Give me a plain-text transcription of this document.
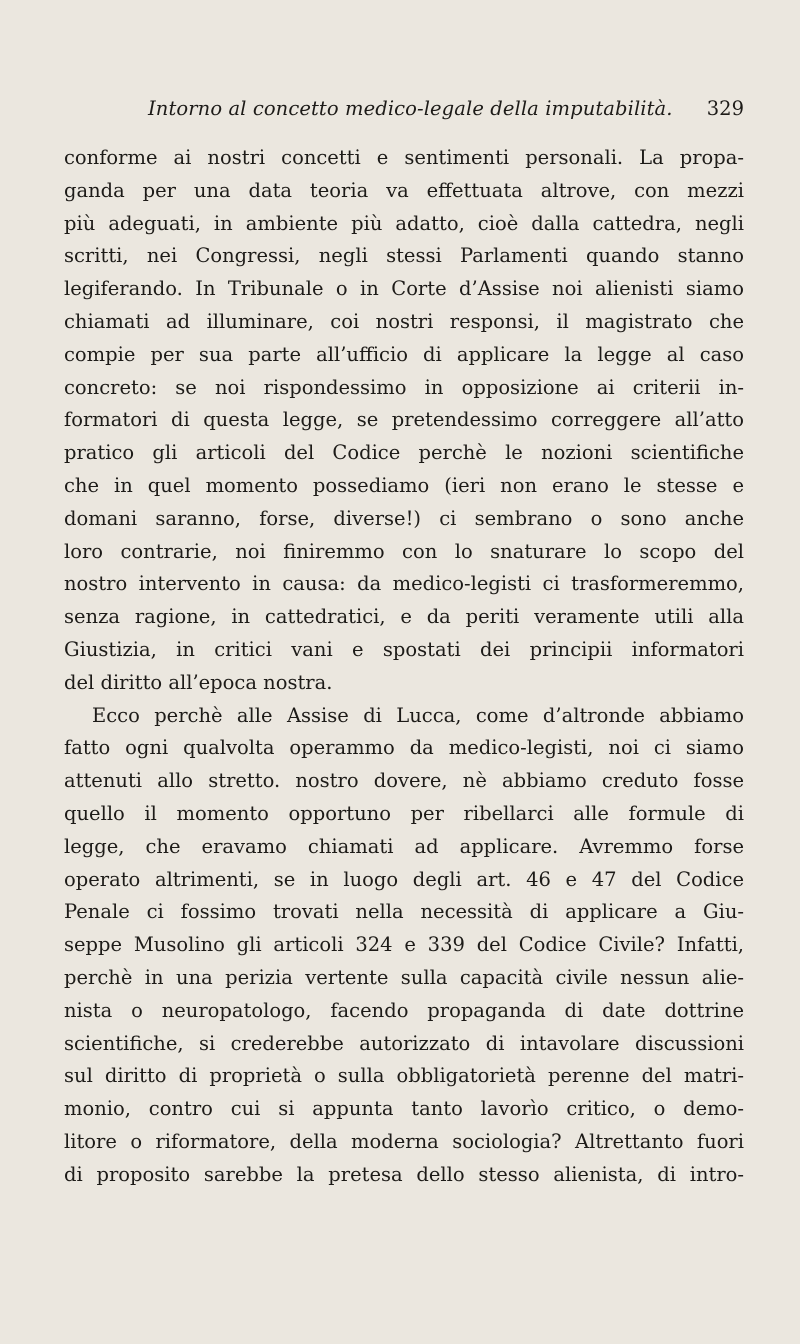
Intorno al concetto medico-legale della imputabilità. 329
conforme ai nostri concetti e sentimenti personali. La propa-
ganda per una data teoria va effettuata altrove, con mezzi
più adeguati, in ambiente più adatto, cioè dalla cattedra, negli
scritti, nei Congressi, negli stessi Parlamenti quando stanno
legiferando. In Tribunale o in Corte d’Assise noi alienisti siamo
chiamati ad illuminare, coi nostri responsi, il magistrato che
compie per sua parte all’ufficio di applicare la legge al caso
concreto: se noi rispondessimo in opposizione ai criterii in-
formatori di questa legge, se pretendessimo correggere all’atto
pratico gli articoli del Codice perchè le nozioni scientifiche
che in quel momento possediamo (ieri non erano le stesse e
domani saranno, forse, diverse!) ci sembrano o sono anche
loro contrarie, noi finiremmo con lo snaturare lo scopo del
nostro intervento in causa: da medico-legisti ci trasformeremmo,
senza ragione, in cattedratici, e da periti veramente utili alla
Giustizia, in critici vani e spostati dei principii informatori
del diritto all’epoca nostra.
Ecco perchè alle Assise di Lucca, come d’altronde abbiamo
fatto ogni qualvolta operammo da medico-legisti, noi ci siamo
attenuti allo stretto. nostro dovere, nè abbiamo creduto fosse
quello il momento opportuno per ribellarci alle formule di
legge, che eravamo chiamati ad applicare. Avremmo forse
operato altrimenti, se in luogo degli art. 46 e 47 del Codice
Penale ci fossimo trovati nella necessità di applicare a Giu-
seppe Musolino gli articoli 324 e 339 del Codice Civile? Infatti,
perchè in una perizia vertente sulla capacità civile nessun alie-
nista o neuropatologo, facendo propaganda di date dottrine
scientifiche, si crederebbe autorizzato di intavolare discussioni
sul diritto di proprietà o sulla obbligatorietà perenne del matri-
monio, contro cui si appunta tanto lavorìo critico, o demo-
litore o riformatore, della moderna sociologia? Altrettanto fuori
di proposito sarebbe la pretesa dello stesso alienista, di intro-
